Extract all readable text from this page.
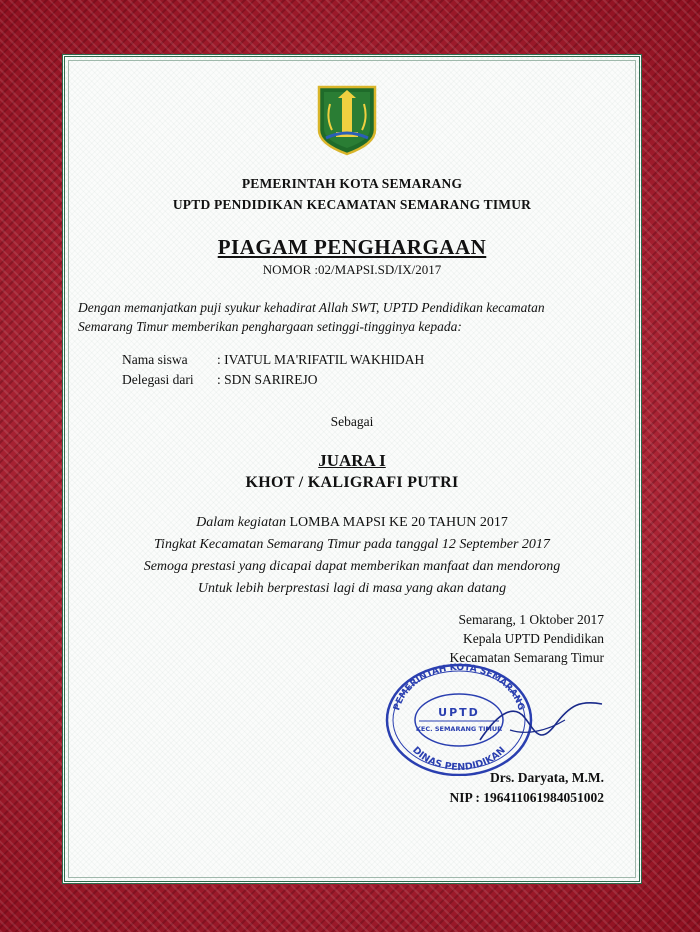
PEMERINTAH KOTA SEMARANG
UPTD PENDIDIKAN KECAMATAN SEMARANG TIMUR
PIAGAM PENGHARGAAN
NOMOR :02/MAPSI.SD/IX/2017
Dengan memanjatkan puji syukur kehadirat Allah SWT, UPTD Pendidikan kecamatan
Semarang Timur memberikan penghargaan setinggi-tingginya kepada:
Nama siswa : IVATUL MA'RIFATIL WAKHIDAH
Delegasi dari : SDN SARIREJO
Sebagai
JUARA I
KHOT / KALIGRAFI PUTRI
Dalam kegiatan LOMBA MAPSI KE 20 TAHUN 2017
Tingkat Kecamatan Semarang Timur pada tanggal 12 September 2017
Semoga prestasi yang dicapai dapat memberikan manfaat dan mendorong
Untuk lebih berprestasi lagi di masa yang akan datang
Semarang, 1 Oktober 2017
Kepala UPTD Pendidikan
Kecamatan Semarang Timur
PEMERINTAH KOTA SEMARANG
DINAS PENDIDIKAN
UPTD
KEC. SEMARANG TIMUR
Drs. Daryata, M.M.
NIP : 196411061984051002
